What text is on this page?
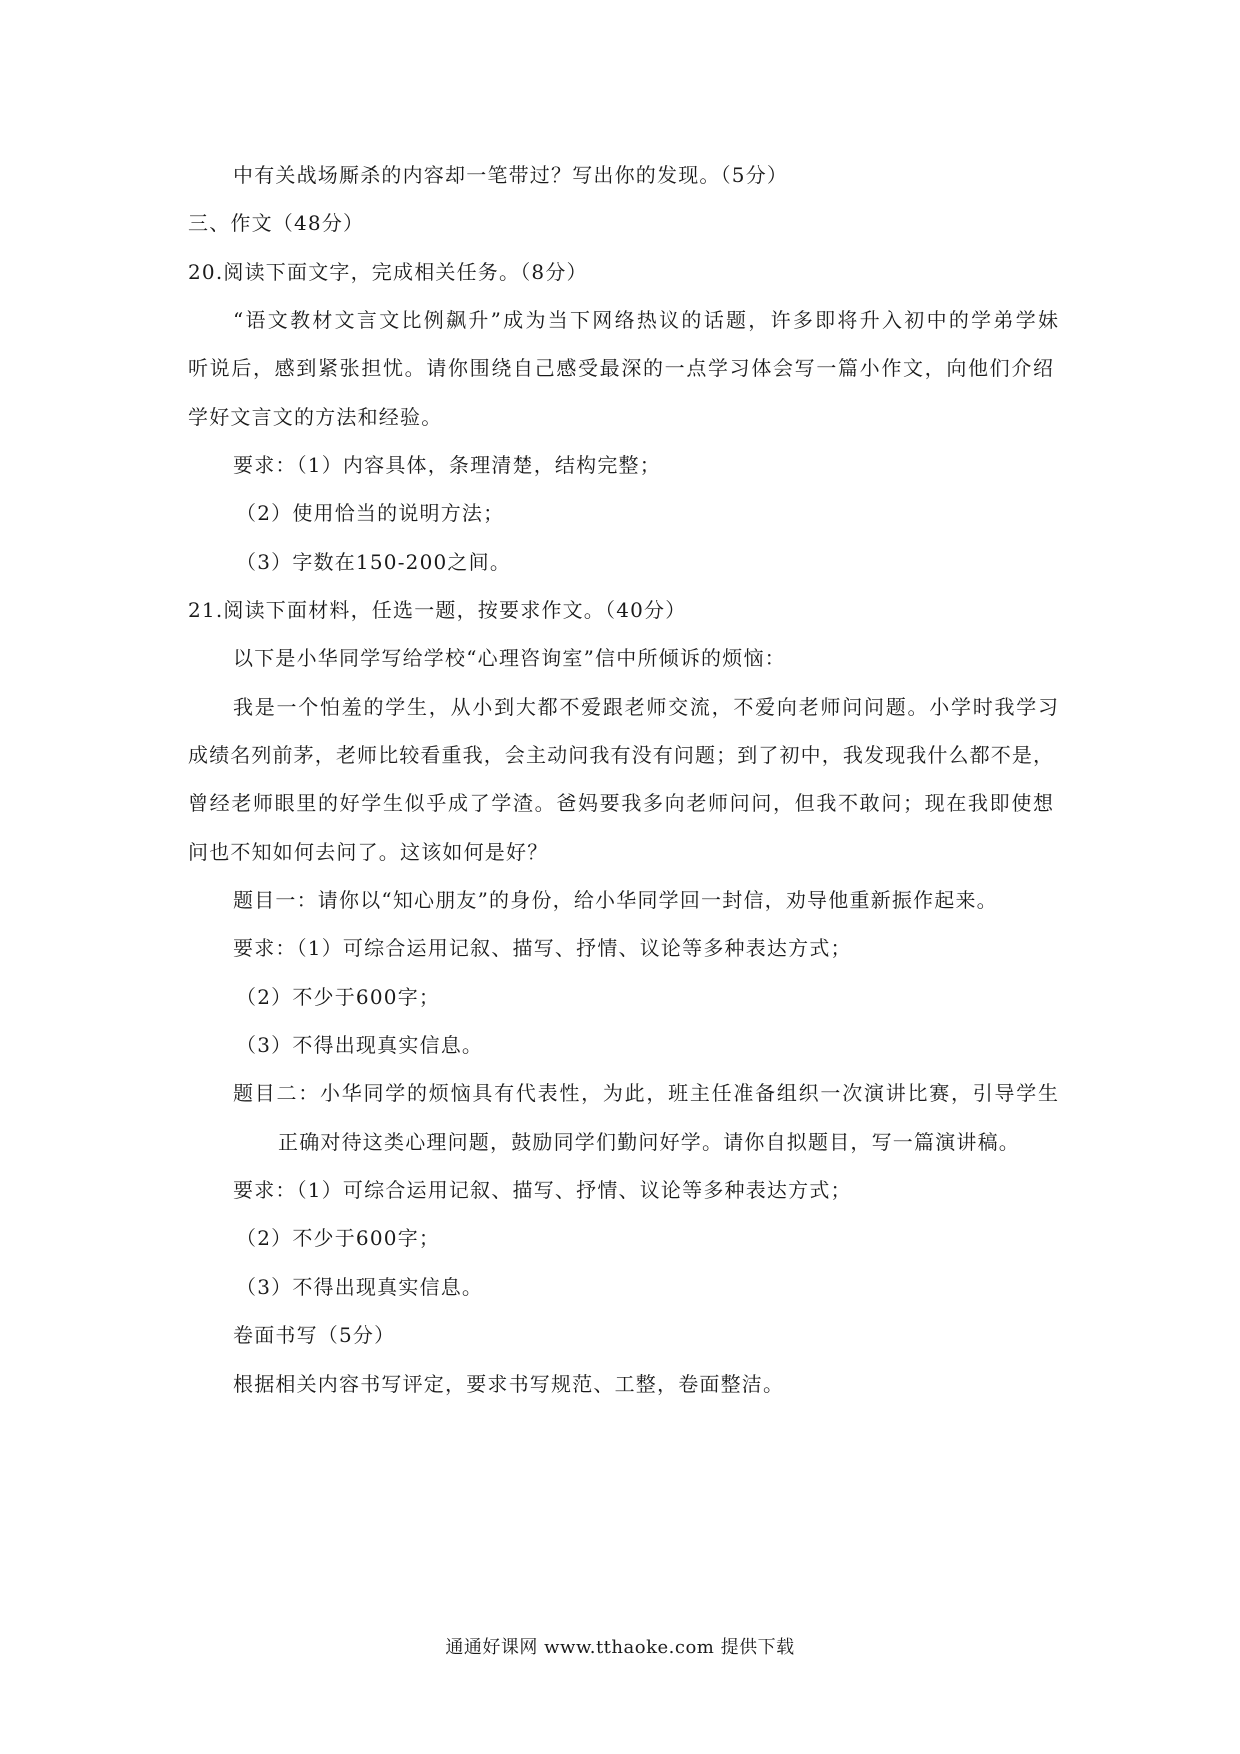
中有关战场厮杀的内容却一笔带过？写出你的发现。（5分）
三、作文（48分）
20.阅读下面文字，完成相关任务。（8分）
“语文教材文言文比例飙升”成为当下网络热议的话题，许多即将升入初中的学弟学妹
听说后，感到紧张担忧。请你围绕自己感受最深的一点学习体会写一篇小作文，向他们介绍
学好文言文的方法和经验。
要求：（1）内容具体，条理清楚，结构完整；
（2）使用恰当的说明方法；
（3）字数在150-200之间。
21.阅读下面材料，任选一题，按要求作文。（40分）
以下是小华同学写给学校“心理咨询室”信中所倾诉的烦恼：
我是一个怕羞的学生，从小到大都不爱跟老师交流，不爱向老师问问题。小学时我学习
成绩名列前茅，老师比较看重我，会主动问我有没有问题；到了初中，我发现我什么都不是，
曾经老师眼里的好学生似乎成了学渣。爸妈要我多向老师问问，但我不敢问；现在我即使想
问也不知如何去问了。这该如何是好？
题目一：请你以“知心朋友”的身份，给小华同学回一封信，劝导他重新振作起来。
要求：（1）可综合运用记叙、描写、抒情、议论等多种表达方式；
（2）不少于600字；
（3）不得出现真实信息。
题目二：小华同学的烦恼具有代表性，为此，班主任准备组织一次演讲比赛，引导学生
正确对待这类心理问题，鼓励同学们勤问好学。请你自拟题目，写一篇演讲稿。
要求：（1）可综合运用记叙、描写、抒情、议论等多种表达方式；
（2）不少于600字；
（3）不得出现真实信息。
卷面书写（5分）
根据相关内容书写评定，要求书写规范、工整，卷面整洁。
通通好课网 www.tthaoke.com 提供下载
